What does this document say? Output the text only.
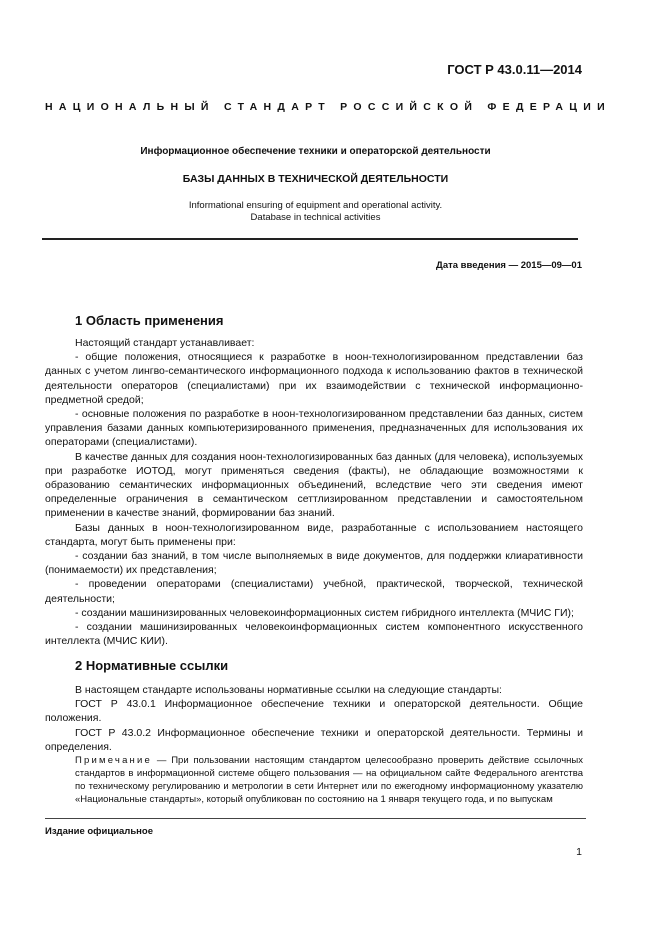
ГОСТ Р 43.0.11—2014
НАЦИОНАЛЬНЫЙ СТАНДАРТ РОССИЙСКОЙ ФЕДЕРАЦИИ
Информационное обеспечение техники и операторской деятельности
БАЗЫ ДАННЫХ В ТЕХНИЧЕСКОЙ ДЕЯТЕЛЬНОСТИ
Informational ensuring of equipment and operational activity.
Database in technical activities
Дата введения — 2015—09—01
1 Область применения

Настоящий стандарт устанавливает:

- общие положения, относящиеся к разработке в ноон-технологизированном представлении баз данных с учетом лингво-семантического информационного подхода к использованию фактов в технической деятельности операторов (специалистами) при их взаимодействии с технической информационно-предметной средой;

- основные положения по разработке в ноон-технологизированном представлении баз данных, систем управления базами данных компьютеризированного применения, предназначенных для использования их операторами (специалистами).

В качестве данных для создания ноон-технологизированных баз данных (для человека), используемых при разработке ИОТОД, могут применяться сведения (факты), не обладающие возможностями к образованию семантических информационных объединений, вследствие чего эти сведения имеют определенные ограничения в семантическом сеттлизированном представлении и самостоятельном применении в качестве знаний, формировании баз знаний.

Базы данных в ноон-технологизированном виде, разработанные с использованием настоящего стандарта, могут быть применены при:

- создании баз знаний, в том числе выполняемых в виде документов, для поддержки клиаративности (понимаемости) их представления;

- проведении операторами (специалистами) учебной, практической, творческой, технической деятельности;

- создании машинизированных человекоинформационных систем гибридного интеллекта (МЧИС ГИ);

- создании машинизированных человекоинформационных систем компонентного искусственного интеллекта (МЧИС КИИ).

2 Нормативные ссылки

В настоящем стандарте использованы нормативные ссылки на следующие стандарты:

ГОСТ Р 43.0.1 Информационное обеспечение техники и операторской деятельности. Общие положения.

ГОСТ Р 43.0.2 Информационное обеспечение техники и операторской деятельности. Термины и определения.

Примечание — При пользовании настоящим стандартом целесообразно проверить действие ссылочных стандартов в информационной системе общего пользования — на официальном сайте Федерального агентства по техническому регулированию и метрологии в сети Интернет или по ежегодному информационному указателю «Национальные стандарты», который опубликован по состоянию на 1 января текущего года, и по выпускам
Издание официальное
1
